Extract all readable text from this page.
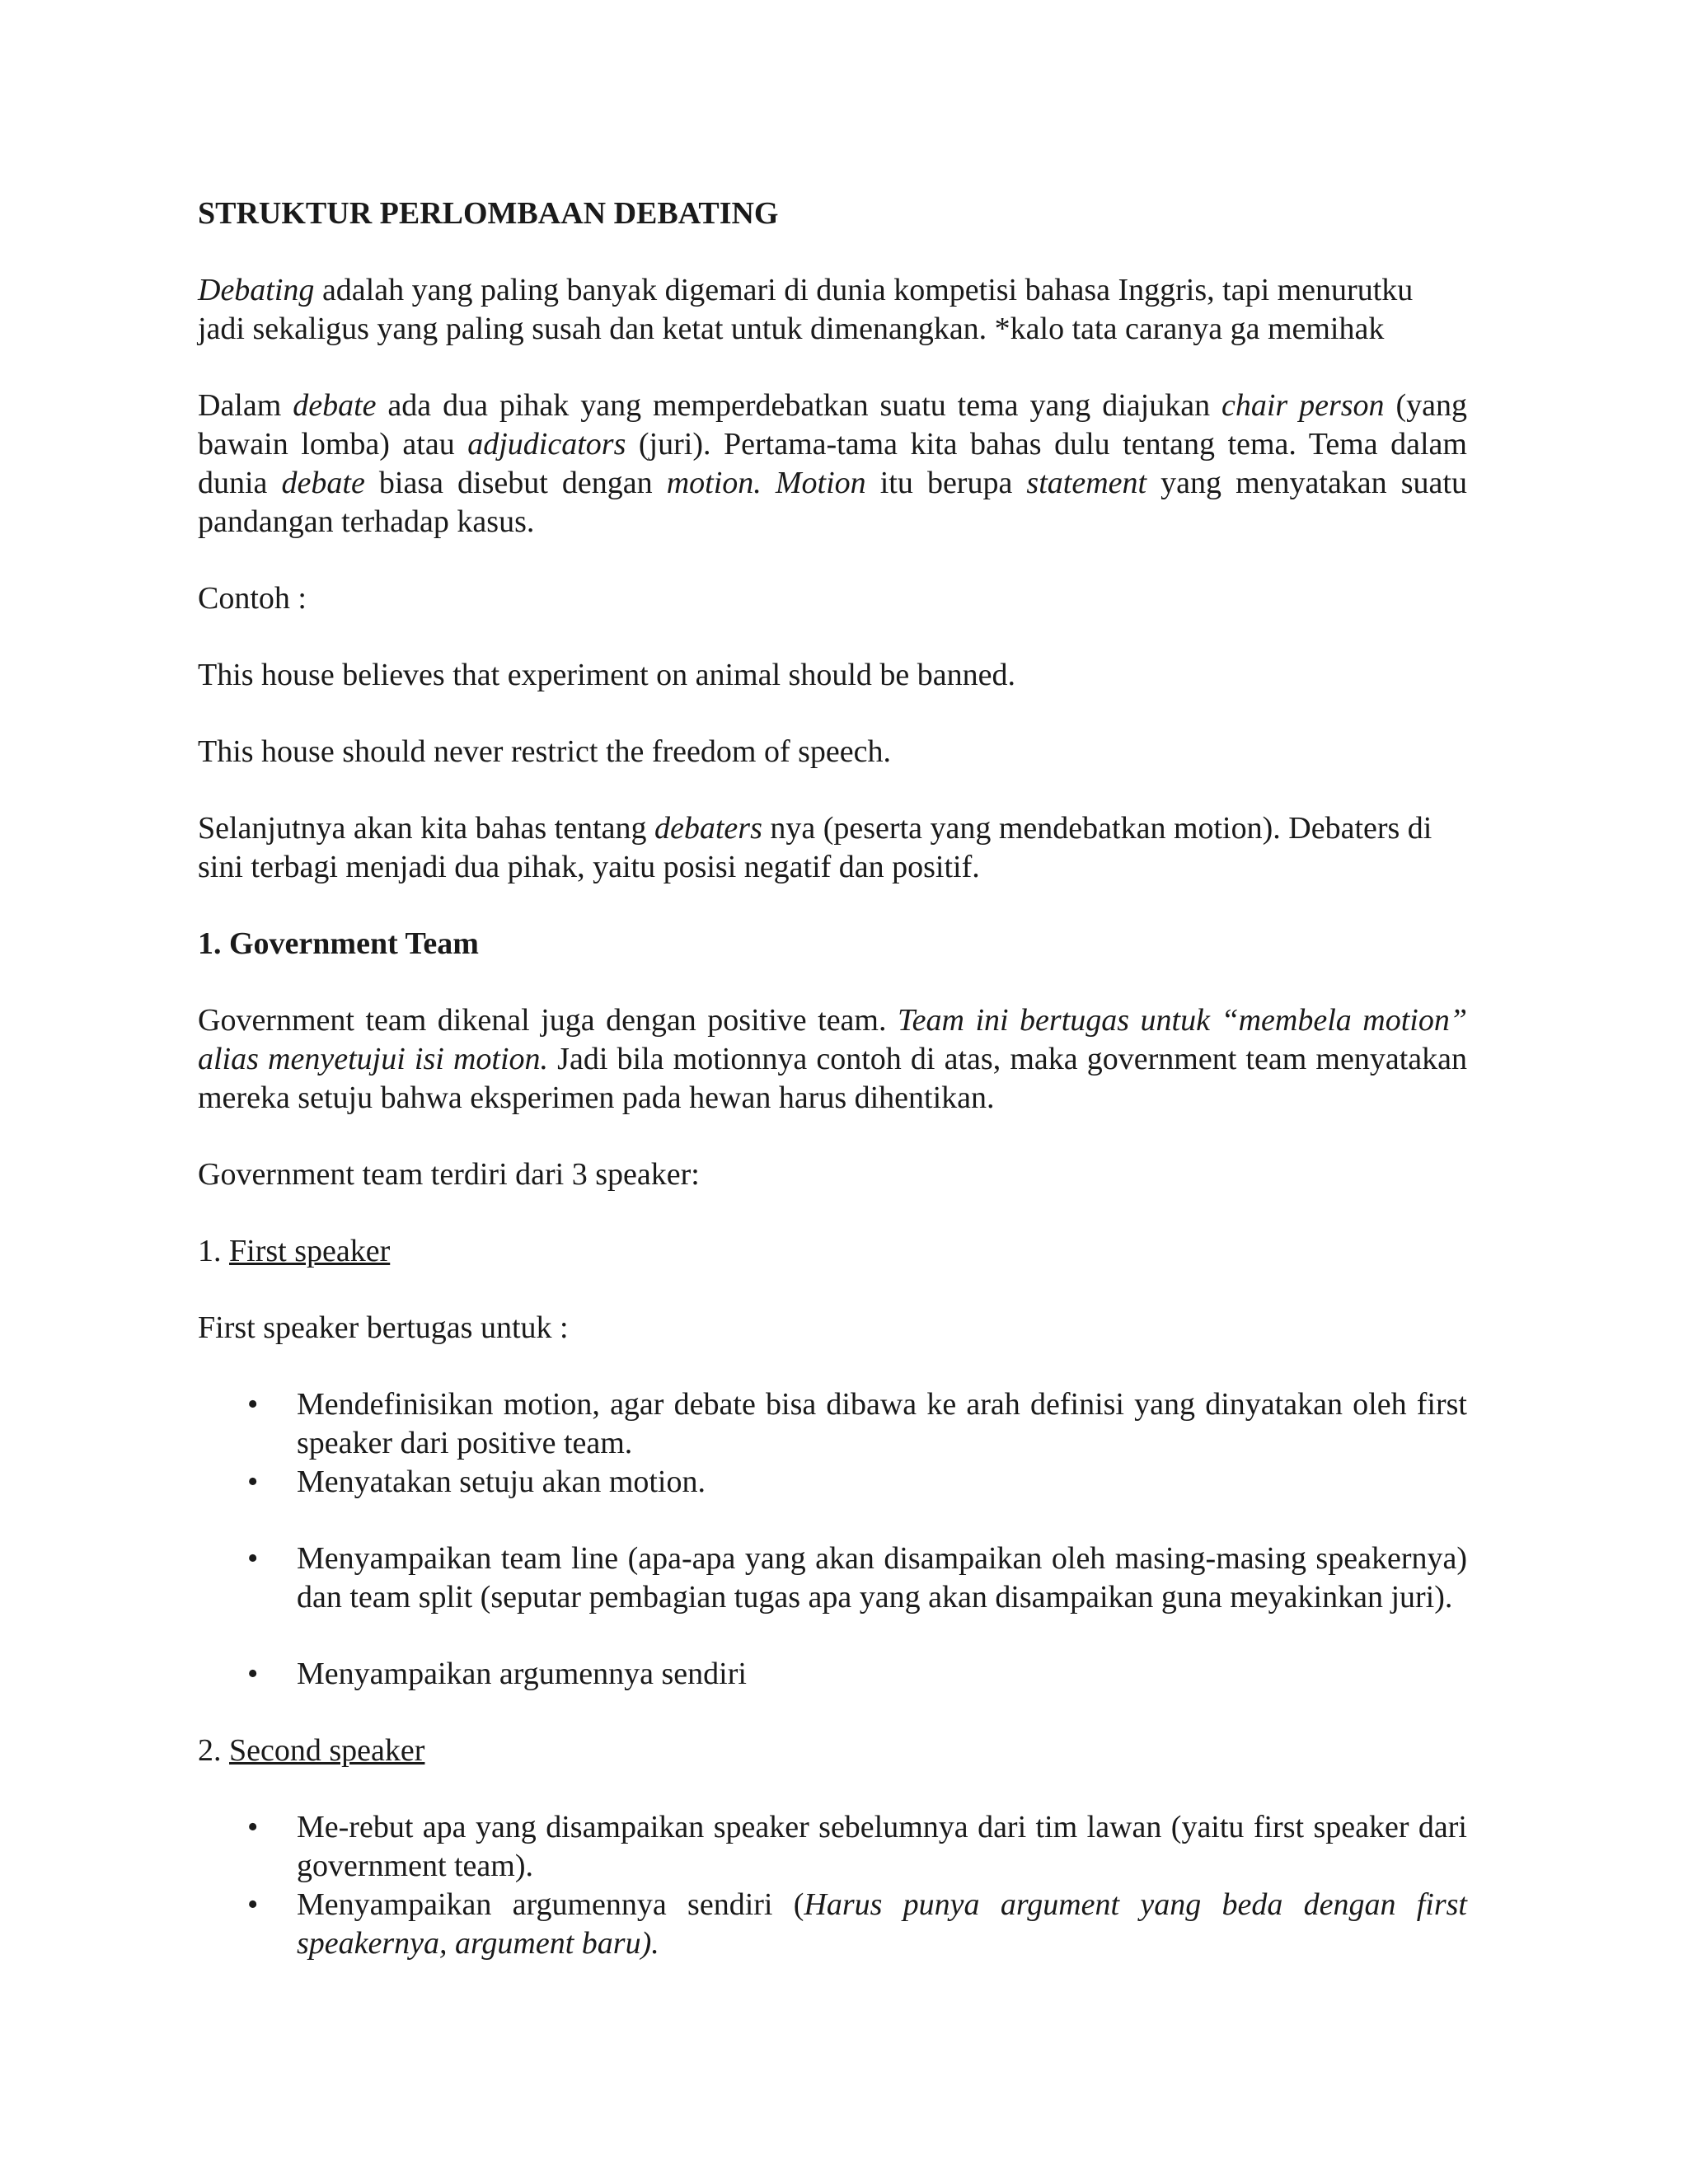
STRUKTUR PERLOMBAAN DEBATING
Debating adalah yang paling banyak digemari di dunia kompetisi bahasa Inggris, tapi menurutku jadi sekaligus yang paling susah dan ketat untuk dimenangkan. *kalo tata caranya ga memihak
Dalam debate ada dua pihak yang memperdebatkan suatu tema yang diajukan chair person (yang bawain lomba) atau adjudicators (juri). Pertama-tama kita bahas dulu tentang tema. Tema dalam dunia debate biasa disebut dengan motion. Motion itu berupa statement yang menyatakan suatu pandangan terhadap kasus.
Contoh :
This house believes that experiment on animal should be banned.
This house should never restrict the freedom of speech.
Selanjutnya akan kita bahas tentang debaters nya (peserta yang mendebatkan motion). Debaters di sini terbagi menjadi dua pihak, yaitu posisi negatif dan positif.
1. Government Team
Government team dikenal juga dengan positive team. Team ini bertugas untuk “membela motion” alias menyetujui isi motion. Jadi bila motionnya contoh di atas, maka government team menyatakan mereka setuju bahwa eksperimen pada hewan harus dihentikan.
Government team terdiri dari 3 speaker:
1. First speaker
First speaker bertugas untuk :
• Mendefinisikan motion, agar debate bisa dibawa ke arah definisi yang dinyatakan oleh first speaker dari positive team.
• Menyatakan setuju akan motion.
• Menyampaikan team line (apa-apa yang akan disampaikan oleh masing-masing speakernya) dan team split (seputar pembagian tugas apa yang akan disampaikan guna meyakinkan juri).
• Menyampaikan argumennya sendiri
2. Second speaker
• Me-rebut apa yang disampaikan speaker sebelumnya dari tim lawan (yaitu first speaker dari government team).
• Menyampaikan argumennya sendiri (Harus punya argument yang beda dengan first speakernya, argument baru).
